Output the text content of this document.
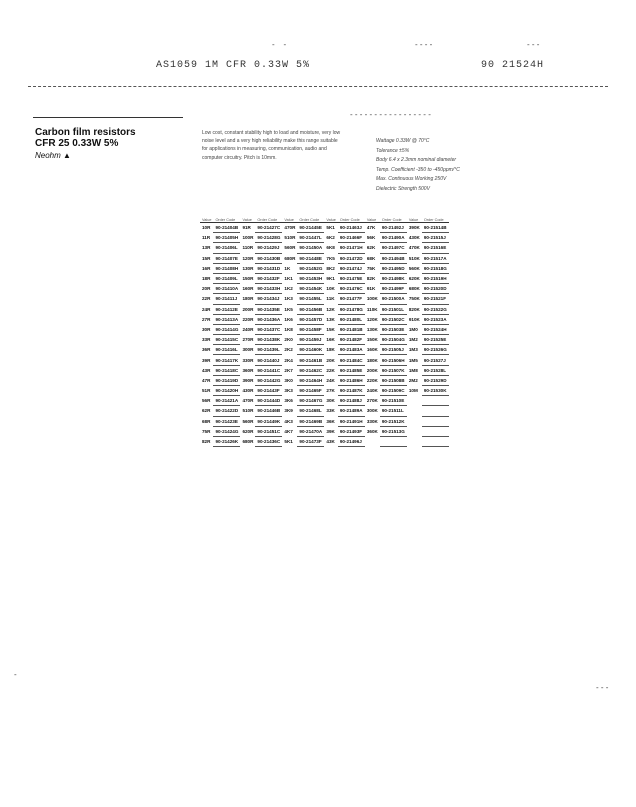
AS1059 1M CFR 0.33W 5%	90 21524H
-    -	- - - -	- - -
- - - - - - - - - - - - - - - - -
Carbon film resistors
CFR 25 0.33W 5%
Neohm ▲
Low cost, constant stability high to load and moisture, very low noise level and a very high reliability make this range suitable for applications in measuring, communication, audio and computer circuitry. Pitch is 10mm.
Wattage 0.33W @ 70°C
Tolerance ±5%
Body 6.4 x 2.3mm nominal diameter
Temp. Coefficient -350 to -450ppm/°C
Max. Continuous Working 250V
Dielectric Strength 500V
Value	Order Code	Value	Order Code	Value	Order Code	Value	Order Code	Value	Order Code	Value	Order Code
10R	90-21404B	91R	90-21427C	470R	90-21445E	5K1	90-21463J	47K	90-21492J	390K	90-21514B
11R	90-21405H	100R	90-21428G	510R	90-21447L	6K2	90-21466F	56K	90-21490A	430K	90-21515J
13R	90-21406L	110R	90-21429J	560R	90-21450A	6K8	90-21471H	62K	90-21497C	470K	90-21516E
15R	90-21407E	120R	90-21430B	680R	90-21448E	7K5	90-21472D	68K	90-21494B	510K	90-21517A
16R	90-21408H	130R	90-21431D	1K	90-21452G	8K2	90-21474J	75K	90-21495D	560K	90-21518G
18R	90-21409L	150R	90-21432F	1K1	90-21453H	9K1	90-21475E	82K	90-21498K	620K	90-21519H
20R	90-21410A	160R	90-21433H	1K2	90-21454K	10K	90-21476C	91K	90-21499F	680K	90-21520D
22R	90-21411J	180R	90-21434J	1K3	90-21455L	11K	90-21477F	100K	90-21500A	750K	90-21521F
24R	90-21412E	200R	90-21435E	1K5	90-21456B	12K	90-21478G	110K	90-21501L	820K	90-21522G
27R	90-21413A	220R	90-21436A	1K6	90-21457D	13K	90-21480L	120K	90-21502C	910K	90-21523A
30R	90-21414G	240R	90-21437C	1K8	90-21458F	15K	90-21481B	130K	90-21503E	1M0	90-21524H
33R	90-21415C	270R	90-21438K	2K0	90-21459J	16K	90-21482F	150K	90-21504G	1M2	90-21525E
36R	90-21416L	300R	90-21439L	2K2	90-21460K	18K	90-21483A	160K	90-21505J	1M3	90-21526G
39R	90-21417K	330R	90-21440J	2K4	90-21461B	20K	90-21484C	180K	90-21506H	1M5	90-21527J
43R	90-21418C	360R	90-21441C	2K7	90-21462C	22K	90-21485E	200K	90-21507K	1M8	90-21528L
47R	90-21419D	390R	90-21442G	3K0	90-21464H	24K	90-21486H	220K	90-21508B	2M2	90-21529D
51R	90-21420H	430R	90-21443F	3K3	90-21465F	27K	90-21487K	240K	90-21509C	10M	90-21530K
56R	90-21421A	470R	90-21444D	3K6	90-21467G	30K	90-21488J	270K	90-21510E		
62R	90-21422D	510R	90-21446B	3K9	90-21468L	33K	90-21489A	300K	90-21511L		
68R	90-21423E	560R	90-21449K	4K3	90-21469B	36K	90-21491H	330K	90-21512K		
75R	90-21424G	620R	90-21451C	4K7	90-21470A	39K	90-21493F	360K	90-21513G		
82R	90-21426K	680R	90-21436C	5K1	90-21473F	43K	90-21496J				
-
- - -
